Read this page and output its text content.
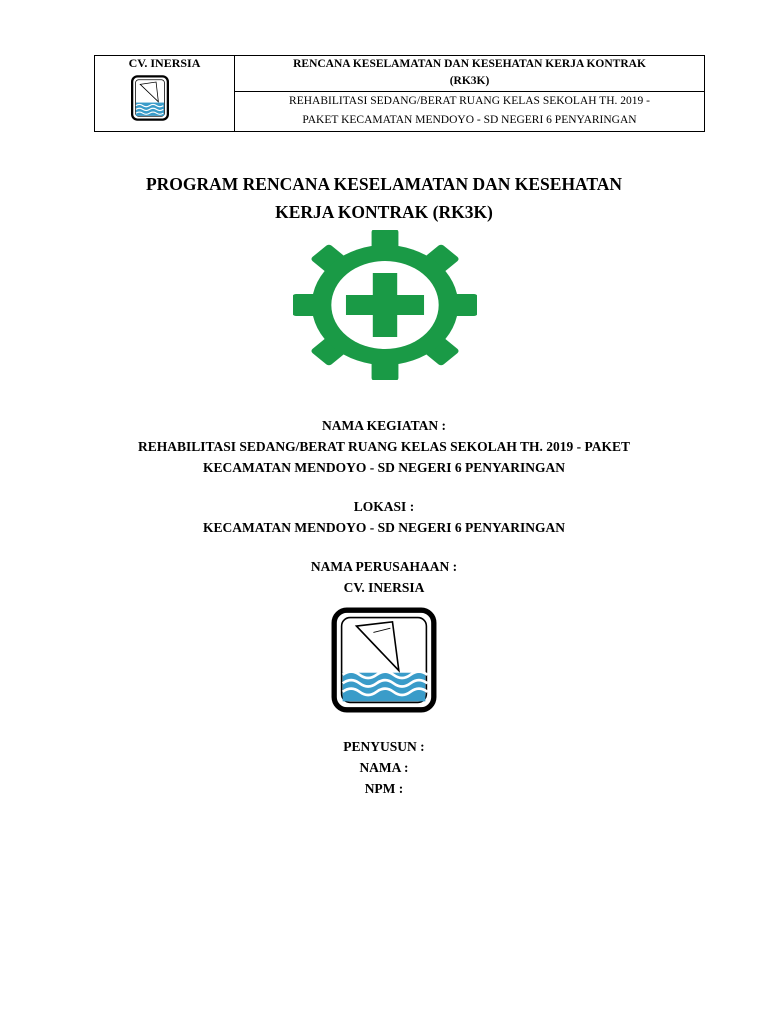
CV. INERSIA	RENCANA KESELAMATAN DAN KESEHATAN KERJA KONTRAK
(RK3K)
REHABILITASI SEDANG/BERAT RUANG KELAS SEKOLAH TH. 2019 -
PAKET KECAMATAN MENDOYO - SD NEGERI 6 PENYARINGAN
PROGRAM RENCANA KESELAMATAN DAN KESEHATAN
KERJA KONTRAK (RK3K)
NAMA KEGIATAN :
REHABILITASI SEDANG/BERAT RUANG KELAS SEKOLAH TH. 2019 - PAKET
KECAMATAN MENDOYO - SD NEGERI 6 PENYARINGAN
LOKASI :
KECAMATAN MENDOYO - SD NEGERI 6 PENYARINGAN
NAMA PERUSAHAAN :
CV. INERSIA
PENYUSUN :
NAMA :
NPM :
